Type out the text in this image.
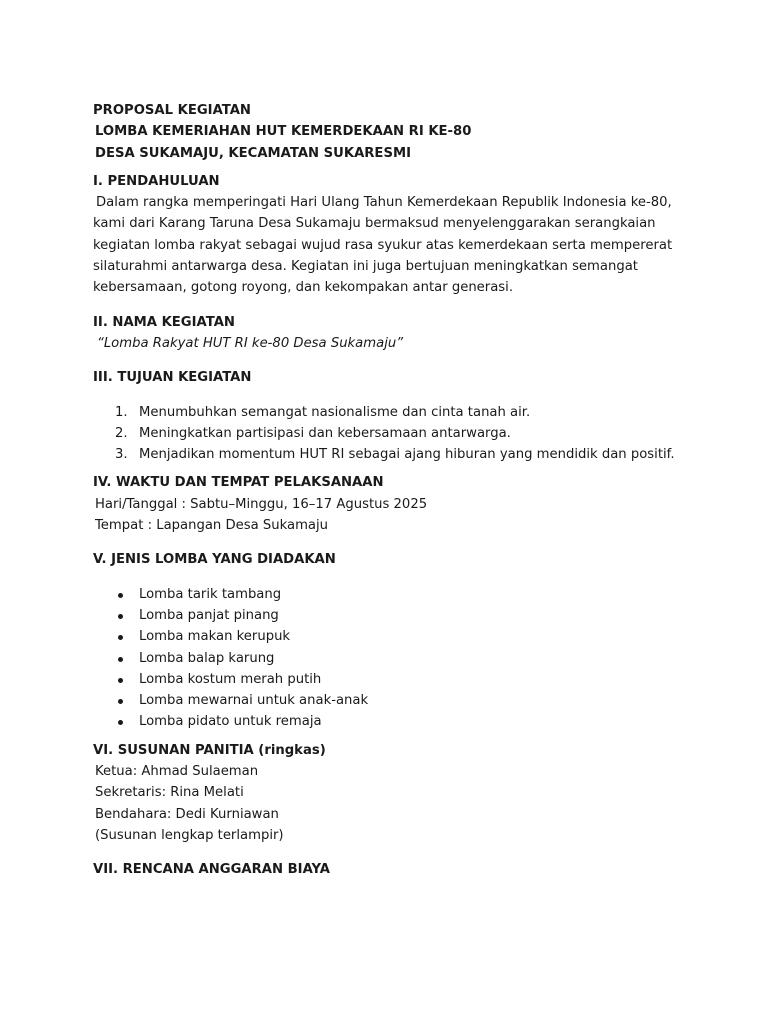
PROPOSAL KEGIATAN
LOMBA KEMERIAHAN HUT KEMERDEKAAN RI KE-80
DESA SUKAMAJU, KECAMATAN SUKARESMI
I. PENDAHULUAN
Dalam rangka memperingati Hari Ulang Tahun Kemerdekaan Republik Indonesia ke-80,
kami dari Karang Taruna Desa Sukamaju bermaksud menyelenggarakan serangkaian
kegiatan lomba rakyat sebagai wujud rasa syukur atas kemerdekaan serta mempererat
silaturahmi antarwarga desa. Kegiatan ini juga bertujuan meningkatkan semangat
kebersamaan, gotong royong, dan kekompakan antar generasi.
II. NAMA KEGIATAN
“Lomba Rakyat HUT RI ke-80 Desa Sukamaju”
III. TUJUAN KEGIATAN
1. Menumbuhkan semangat nasionalisme dan cinta tanah air.
2. Meningkatkan partisipasi dan kebersamaan antarwarga.
3. Menjadikan momentum HUT RI sebagai ajang hiburan yang mendidik dan positif.
IV. WAKTU DAN TEMPAT PELAKSANAAN
Hari/Tanggal : Sabtu–Minggu, 16–17 Agustus 2025
Tempat : Lapangan Desa Sukamaju
V. JENIS LOMBA YANG DIADAKAN
Lomba tarik tambang
Lomba panjat pinang
Lomba makan kerupuk
Lomba balap karung
Lomba kostum merah putih
Lomba mewarnai untuk anak-anak
Lomba pidato untuk remaja
VI. SUSUNAN PANITIA (ringkas)
Ketua: Ahmad Sulaeman
Sekretaris: Rina Melati
Bendahara: Dedi Kurniawan
(Susunan lengkap terlampir)
VII. RENCANA ANGGARAN BIAYA
